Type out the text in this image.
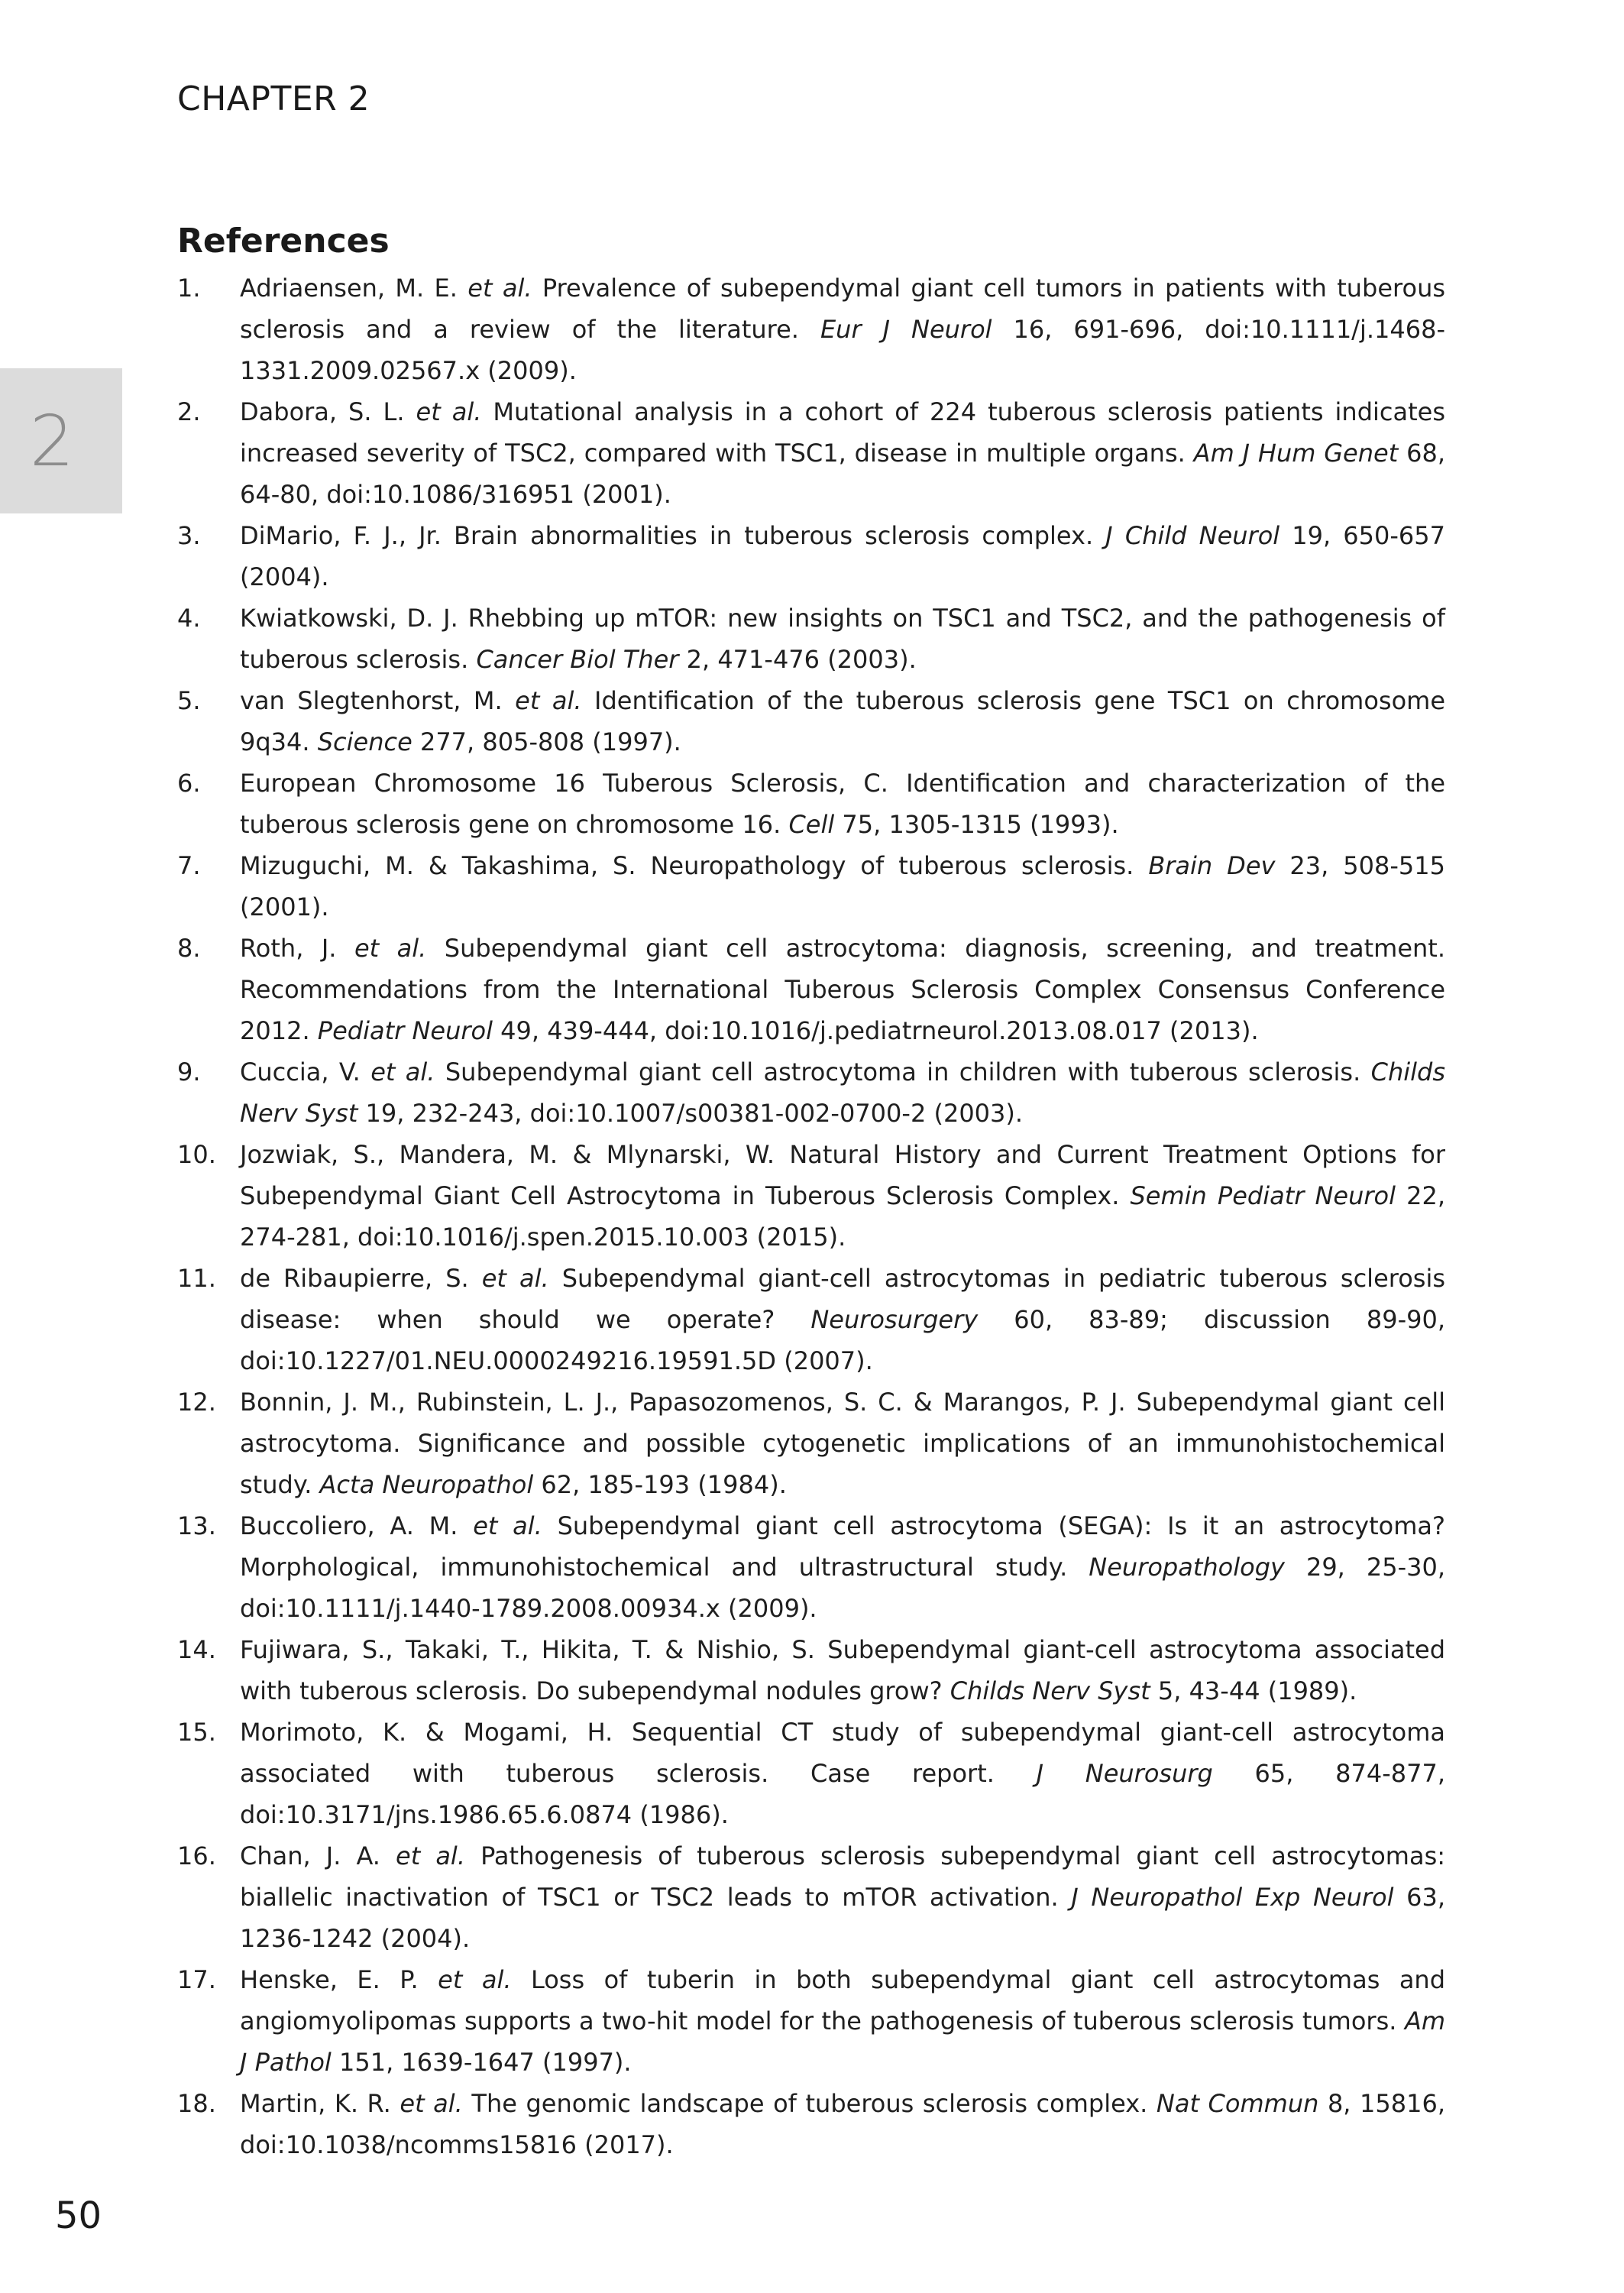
CHAPTER 2
2
References
1. Adriaensen, M. E. et al. Prevalence of subependymal giant cell tumors in patients with tuberous sclerosis and a review of the literature. Eur J Neurol 16, 691-696, doi:10.1111/j.1468-1331.2009.02567.x (2009).
2. Dabora, S. L. et al. Mutational analysis in a cohort of 224 tuberous sclerosis patients indicates increased severity of TSC2, compared with TSC1, disease in multiple organs. Am J Hum Genet 68, 64-80, doi:10.1086/316951 (2001).
3. DiMario, F. J., Jr. Brain abnormalities in tuberous sclerosis complex. J Child Neurol 19, 650-657 (2004).
4. Kwiatkowski, D. J. Rhebbing up mTOR: new insights on TSC1 and TSC2, and the pathogenesis of tuberous sclerosis. Cancer Biol Ther 2, 471-476 (2003).
5. van Slegtenhorst, M. et al. Identification of the tuberous sclerosis gene TSC1 on chromosome 9q34. Science 277, 805-808 (1997).
6. European Chromosome 16 Tuberous Sclerosis, C. Identification and characterization of the tuberous sclerosis gene on chromosome 16. Cell 75, 1305-1315 (1993).
7. Mizuguchi, M. & Takashima, S. Neuropathology of tuberous sclerosis. Brain Dev 23, 508-515 (2001).
8. Roth, J. et al. Subependymal giant cell astrocytoma: diagnosis, screening, and treatment. Recommendations from the International Tuberous Sclerosis Complex Consensus Conference 2012. Pediatr Neurol 49, 439-444, doi:10.1016/j.pediatrneurol.2013.08.017 (2013).
9. Cuccia, V. et al. Subependymal giant cell astrocytoma in children with tuberous sclerosis. Childs Nerv Syst 19, 232-243, doi:10.1007/s00381-002-0700-2 (2003).
10. Jozwiak, S., Mandera, M. & Mlynarski, W. Natural History and Current Treatment Options for Subependymal Giant Cell Astrocytoma in Tuberous Sclerosis Complex. Semin Pediatr Neurol 22, 274-281, doi:10.1016/j.spen.2015.10.003 (2015).
11. de Ribaupierre, S. et al. Subependymal giant-cell astrocytomas in pediatric tuberous sclerosis disease: when should we operate? Neurosurgery 60, 83-89; discussion 89-90, doi:10.1227/01.NEU.0000249216.19591.5D (2007).
12. Bonnin, J. M., Rubinstein, L. J., Papasozomenos, S. C. & Marangos, P. J. Subependymal giant cell astrocytoma. Significance and possible cytogenetic implications of an immunohistochemical study. Acta Neuropathol 62, 185-193 (1984).
13. Buccoliero, A. M. et al. Subependymal giant cell astrocytoma (SEGA): Is it an astrocytoma? Morphological, immunohistochemical and ultrastructural study. Neuropathology 29, 25-30, doi:10.1111/j.1440-1789.2008.00934.x (2009).
14. Fujiwara, S., Takaki, T., Hikita, T. & Nishio, S. Subependymal giant-cell astrocytoma associated with tuberous sclerosis. Do subependymal nodules grow? Childs Nerv Syst 5, 43-44 (1989).
15. Morimoto, K. & Mogami, H. Sequential CT study of subependymal giant-cell astrocytoma associated with tuberous sclerosis. Case report. J Neurosurg 65, 874-877, doi:10.3171/jns.1986.65.6.0874 (1986).
16. Chan, J. A. et al. Pathogenesis of tuberous sclerosis subependymal giant cell astrocytomas: biallelic inactivation of TSC1 or TSC2 leads to mTOR activation. J Neuropathol Exp Neurol 63, 1236-1242 (2004).
17. Henske, E. P. et al. Loss of tuberin in both subependymal giant cell astrocytomas and angiomyolipomas supports a two-hit model for the pathogenesis of tuberous sclerosis tumors. Am J Pathol 151, 1639-1647 (1997).
18. Martin, K. R. et al. The genomic landscape of tuberous sclerosis complex. Nat Commun 8, 15816, doi:10.1038/ncomms15816 (2017).
50
